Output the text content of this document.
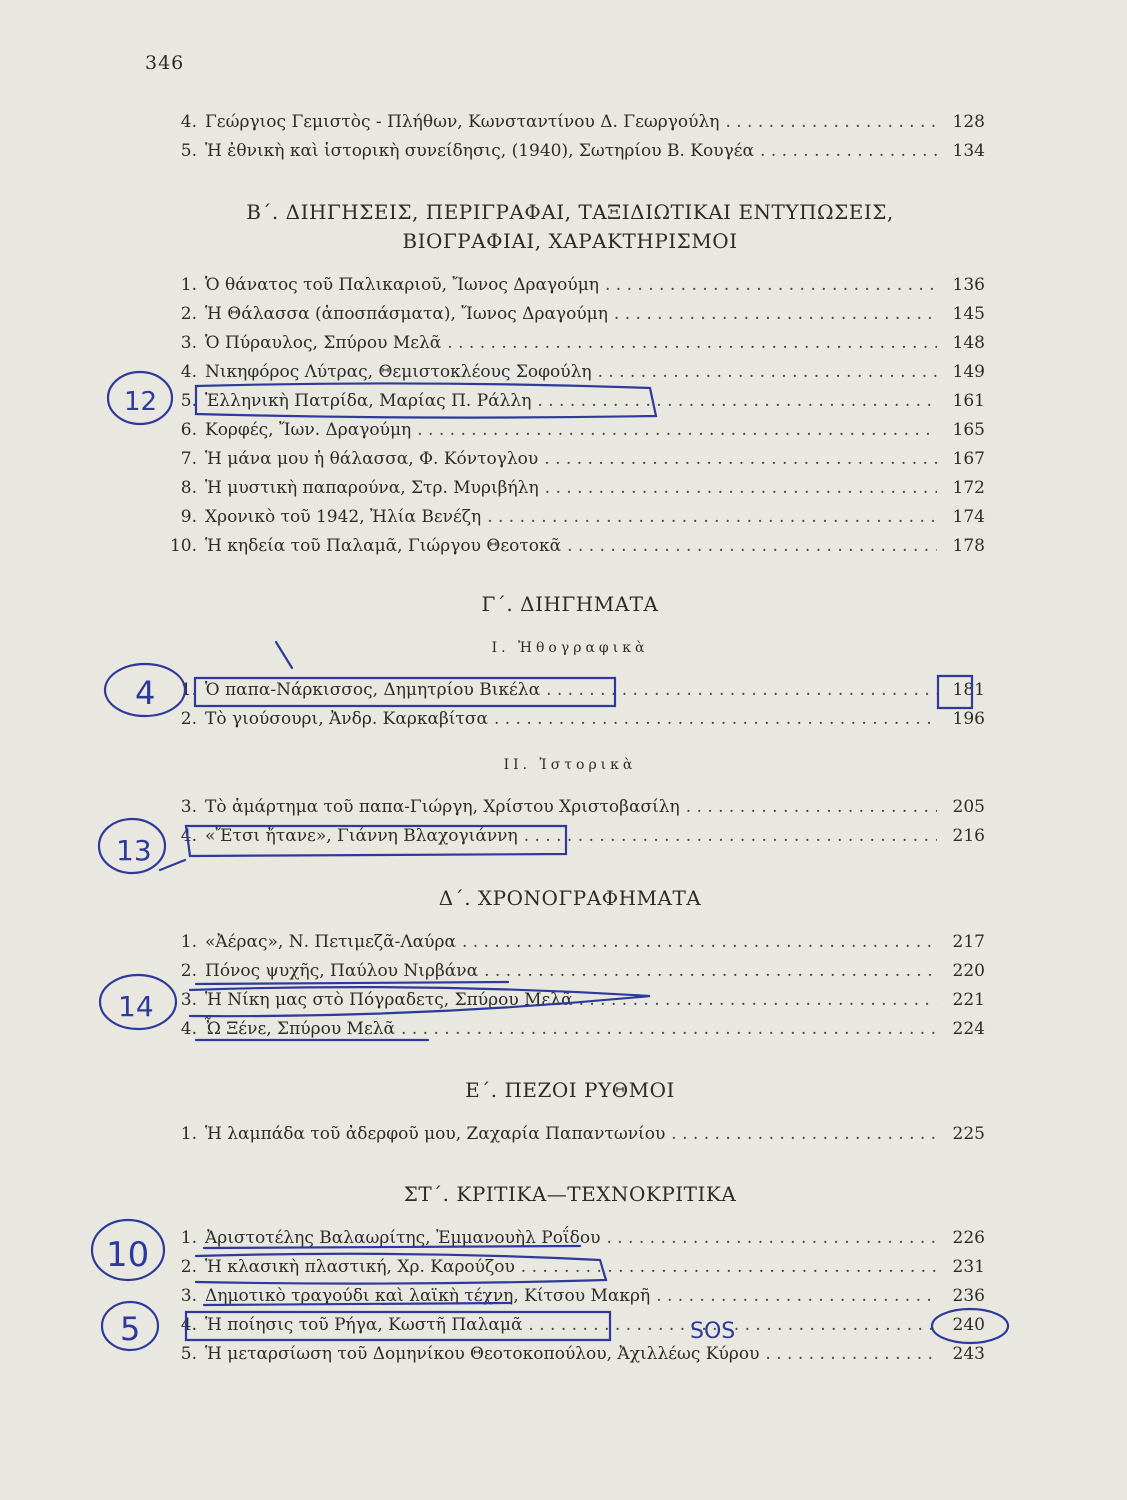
346
4. Γεώργιος Γεμιστὸς - Πλήθων, Κωνσταντίνου Δ. Γεωργούλη . . .	128
5. Ἡ ἐθνικὴ καὶ ἱστορικὴ συνείδησις, (1940), Σωτηρίου Β. Κουγέα . . .	134
Β΄. ΔΙΗΓΗΣΕΙΣ, ΠΕΡΙΓΡΑΦΑΙ, ΤΑΞΙΔΙΩΤΙΚΑΙ ΕΝΤΥΠΩΣΕΙΣ,
ΒΙΟΓΡΑΦΙΑΙ, ΧΑΡΑΚΤΗΡΙΣΜΟΙ
1. Ὁ θάνατος τοῦ Παλικαριοῦ, Ἴωνος Δραγούμη . . .	136
2. Ἡ Θάλασσα (ἀποσπάσματα), Ἴωνος Δραγούμη . . .	145
3. Ὁ Πύραυλος, Σπύρου Μελᾶ . . .	148
4. Νικηφόρος Λύτρας, Θεμιστοκλέους Σοφούλη . . .	149
5. Ἑλληνικὴ Πατρίδα, Μαρίας Π. Ράλλη . . .	161
6. Κορφές, Ἴων. Δραγούμη . . .	165
7. Ἡ μάνα μου ἡ θάλασσα, Φ. Κόντογλου . . .	167
8. Ἡ μυστικὴ παπαρούνα, Στρ. Μυριβήλη . . .	172
9. Χρονικὸ τοῦ 1942, Ἠλία Βενέζη . . .	174
10. Ἡ κηδεία τοῦ Παλαμᾶ, Γιώργου Θεοτοκᾶ . . .	178
Γ΄. ΔΙΗΓΗΜΑΤΑ
Ι. Ἠθογραφικὰ
1. Ὁ παπα-Νάρκισσος, Δημητρίου Βικέλα . . .	181
2. Τὸ γιούσουρι, Ἀνδρ. Καρκαβίτσα . . .	196
ΙΙ. Ἱστορικὰ
3. Τὸ ἁμάρτημα τοῦ παπα-Γιώργη, Χρίστου Χριστοβασίλη . . .	205
4. «Ἔτσι ἤτανε», Γιάννη Βλαχογιάννη . . .	216
Δ΄. ΧΡΟΝΟΓΡΑΦΗΜΑΤΑ
1. «Ἀέρας», Ν. Πετιμεζᾶ-Λαύρα . . .	217
2. Πόνος ψυχῆς, Παύλου Νιρβάνα . . .	220
3. Ἡ Νίκη μας στὸ Πόγραδετς, Σπύρου Μελᾶ . . .	221
4. Ὦ Ξένε, Σπύρου Μελᾶ . . .	224
Ε΄. ΠΕΖΟΙ ΡΥΘΜΟΙ
1. Ἡ λαμπάδα τοῦ ἀδερφοῦ μου, Ζαχαρία Παπαντωνίου . . .	225
ΣΤ΄. ΚΡΙΤΙΚΑ—ΤΕΧΝΟΚΡΙΤΙΚΑ
1. Ἀριστοτέλης Βαλαωρίτης, Ἐμμανουὴλ Ροΐδου . . .	226
2. Ἡ κλασικὴ πλαστική, Χρ. Καρούζου . . .	231
3. Δημοτικὸ τραγούδι καὶ λαϊκὴ τέχνη, Κίτσου Μακρῆ . . .	236
4. Ἡ ποίησις τοῦ Ρήγα, Κωστῆ Παλαμᾶ . . .	240
5. Ἡ μεταρσίωση τοῦ Δομηνίκου Θεοτοκοπούλου, Ἀχιλλέως Κύρου . . .	243
12
4
13
14
10
5	SOS
